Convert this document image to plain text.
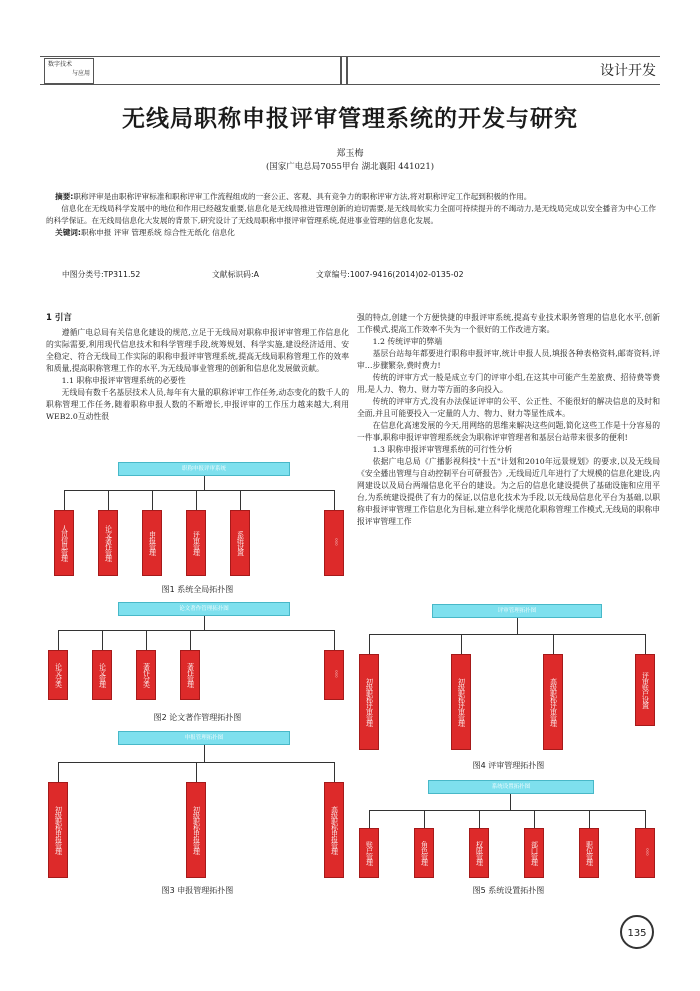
数字技术
与应用	设计开发
无线局职称申报评审管理系统的开发与研究
郑玉梅
(国家广电总局7055甲台 湖北襄阳 441021)

摘要:职称评审是由职称评审标准和职称评审工作流程组成的一套公正、客观、具有竞争力的职称评审方法,将对职称评定工作起到积极的作用。

信息化在无线局科学发展中的地位和作用已经越发重要,信息化是无线局推进管理创新的迫切需要,是无线局软实力全面可持续提升的不竭动力,是无线局完成以安全播音为中心工作的科学保证。在无线局信息化大发展的背景下,研究设计了无线局职称申报评审管理系统,促进事业管理的信息化发展。

关键词:职称申报 评审 管理系统 综合性无纸化 信息化

中图分类号:TP311.52	文献标识码:A	文章编号:1007-9416(2014)02-0135-02

1 引言

遵循广电总局有关信息化建设的规范,立足于无线局对职称申报评审管理工作信息化的实际需要,利用现代信息技术和科学管理手段,统筹规划、科学实施,建设经济适用、安全稳定、符合无线局工作实际的职称申报评审管理系统,提高无线局职称管理工作的效率和质量,提高职称管理工作的水平,为无线局事业管理的创新和信息化发展做贡献。

1.1 职称申报评审管理系统的必要性

无线局有数千名基层技术人员,每年有大量的职称评审工作任务,动态变化的数千人的职称管理工作任务,随着职称申报人数的不断增长,申报评审的工作压力越来越大,利用WEB2.0互动性很

强的特点,创建一个方便快捷的申报评审系统,提高专业技术职务管理的信息化水平,创新工作模式,提高工作效率不失为一个很好的工作改进方案。

1.2 传统评审的弊端

基层台站每年都要进行职称申报评审,统计申报人员,填报各种表格资料,邮寄资料,评审…步骤繁杂,费时费力!

传统的评审方式一般是成立专门的评审小组,在这其中可能产生差旅费、招待费等费用,是人力、物力、财力等方面的多向投入。

传统的评审方式,没有办法保证评审的公平、公正性、不能很好的解决信息的及时和全面,并且可能要投入一定量的人力、物力、财力等显性成本。

在信息化高速发展的今天,用网络的思维来解决这些问题,简化这些工作是十分容易的一件事,职称申报评审管理系统会为职称评审管理者和基层台站带来很多的便利!

1.3 职称申报评审管理系统的可行性分析

依据广电总局《广播影视科技"十五"计划和2010年远景规划》的要求,以及无线局《安全播出管理与自动控制平台可研报告》,无线局近几年进行了大规模的信息化建设,内网建设以及局台两端信息化平台的建设。为之后的信息化建设提供了基础设施和应用平台,为系统建设提供了有力的保证,以信息化技术为手段,以无线局信息化平台为基础,以职称申报评审管理工作信息化为目标,建立科学化规范化职称管理工作模式,无线局的职称申报评审管理工作

职称申报评审系统
人员信息管理	论文著作管理	申报管理	评审管理	系统设置	。。。
图1 系统全局拓扑图
论文著作管理拓扑图
论文分类	论文管理	著作分类	著作管理	。。。
图2 论文著作管理拓扑图
申报管理拓扑图
初级职称申报管理	初级职称申报管理	高级职称申报管理
图3 申报管理拓扑图
评审管理拓扑图
初级职称评审管理	初级职称评审管理	高级职称评审管理	评审账户设置
图4 评审管理拓扑图
系统设置拓扑图
账户管理	角色管理	权限管理	部门管理	职位管理	。。。
图5 系统设置拓扑图
135
